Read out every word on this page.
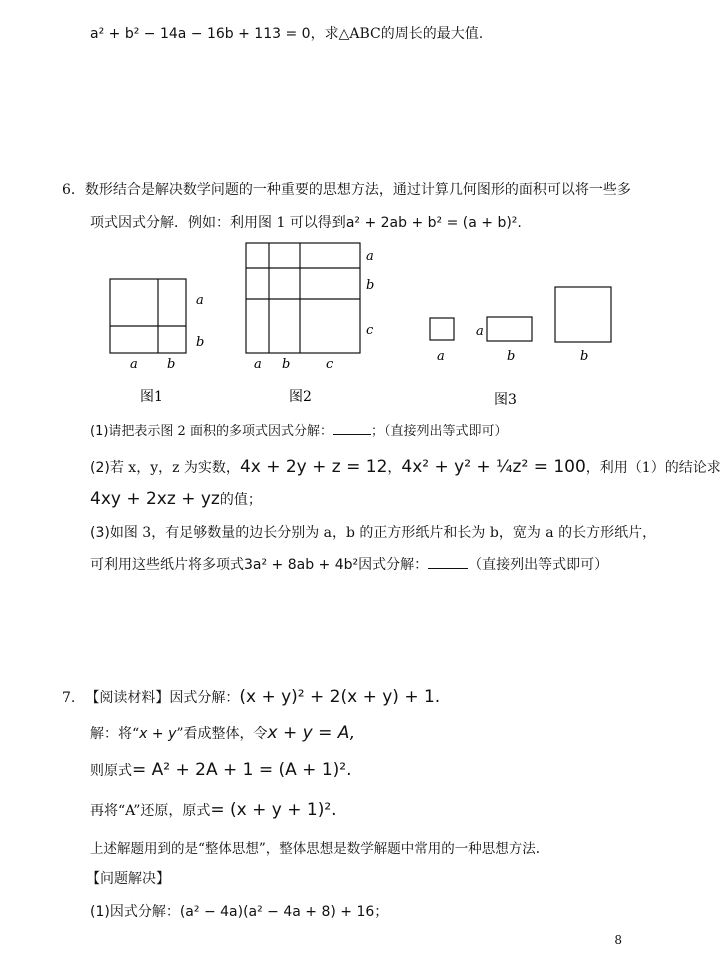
a² + b² − 14a − 16b + 113 = 0，求△ABC的周长的最大值.
6．数形结合是解决数学问题的一种重要的思想方法，通过计算几何图形的面积可以将一些多
项式因式分解．例如：利用图 1 可以得到a² + 2ab + b² = (a + b)².
a
b
a b
图1
a
b
c
a b	c
图2
a
a
b	b
图3
(1)请把表示图 2 面积的多项式因式分解：	；（直接列出等式即可）
(2)若 x，y，z 为实数，4x + 2y + z = 12，4x² + y² + ¼z² = 100，利用（1）的结论求
4xy + 2xz + yz的值；
(3)如图 3，有足够数量的边长分别为 a，b 的正方形纸片和长为 b，宽为 a 的长方形纸片，
可利用这些纸片将多项式3a² + 8ab + 4b²因式分解：	（直接列出等式即可）
7. 【阅读材料】因式分解：(x + y)² + 2(x + y) + 1.
解：将“x + y”看成整体，令x + y = A,
则原式= A² + 2A + 1 = (A + 1)².
再将“A”还原，原式= (x + y + 1)².
上述解题用到的是“整体思想”，整体思想是数学解题中常用的一种思想方法.
【问题解决】
(1)因式分解：(a² − 4a)(a² − 4a + 8) + 16；
8
